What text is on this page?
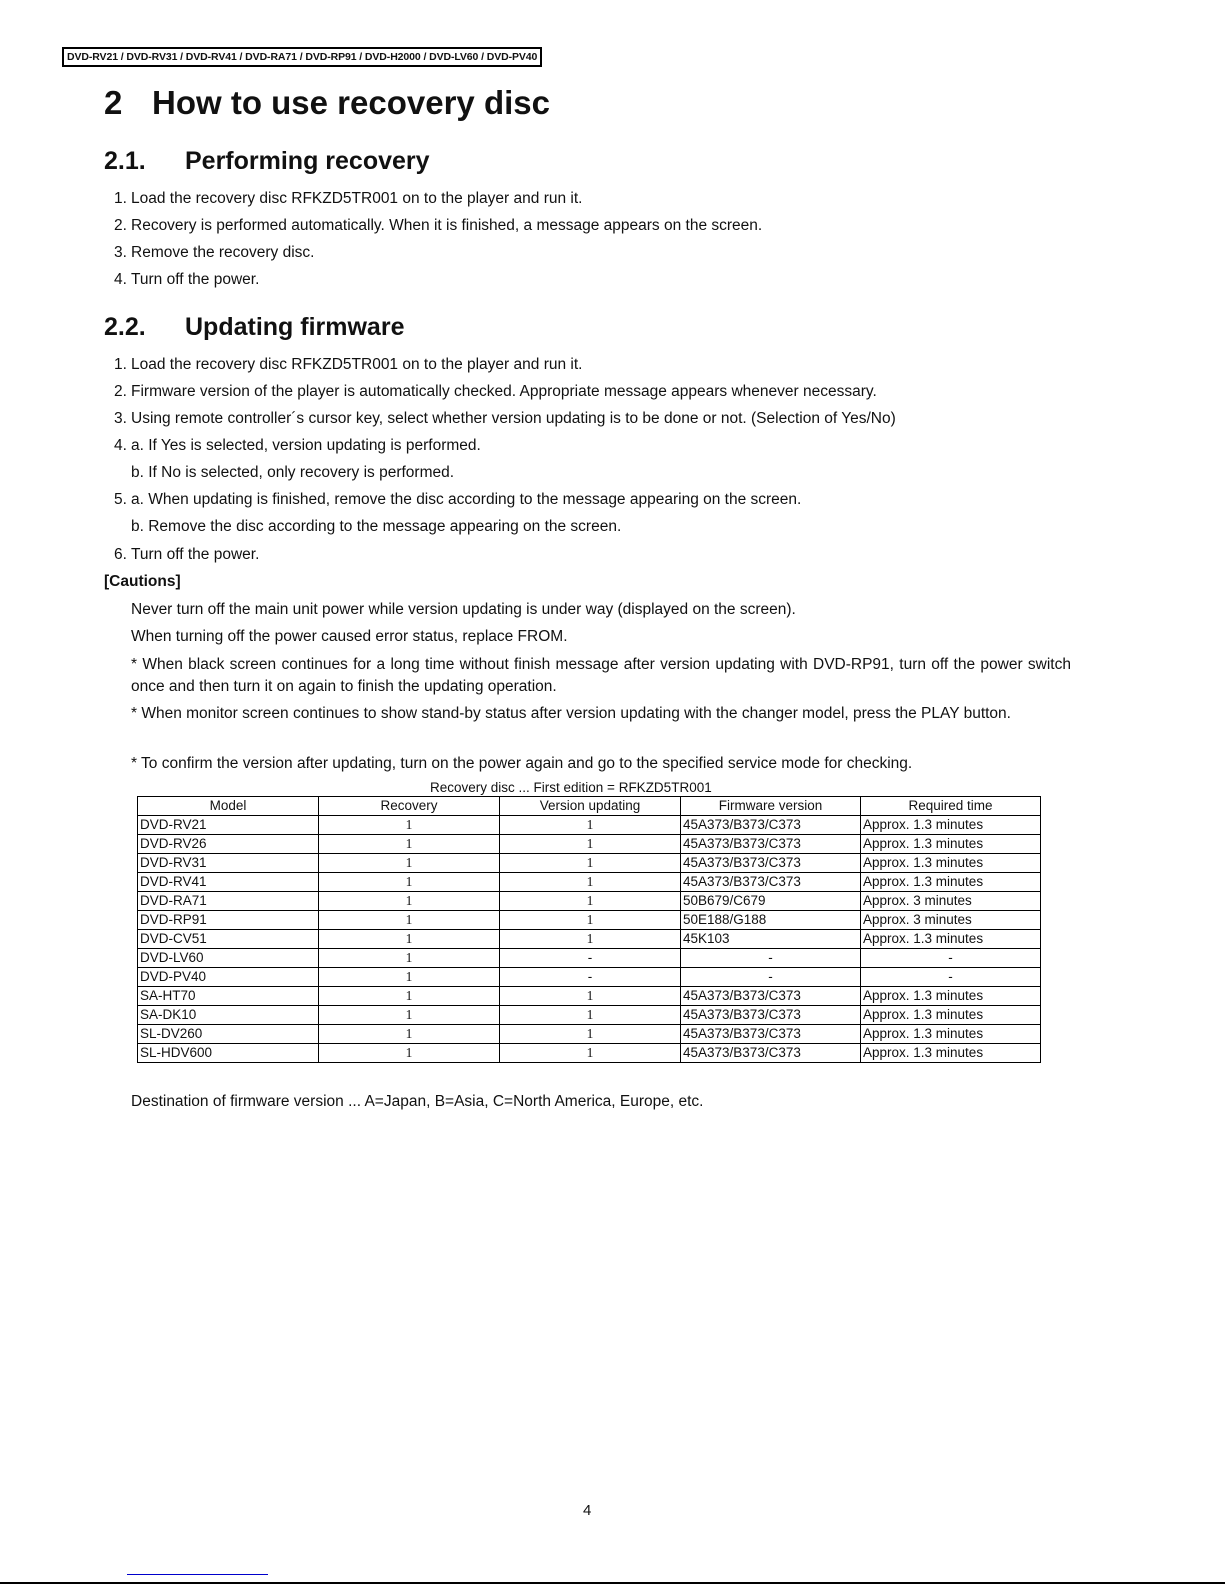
DVD-RV21 / DVD-RV31 / DVD-RV41 / DVD-RA71 / DVD-RP91 / DVD-H2000 / DVD-LV60 / DVD-PV40
2 How to use recovery disc
2.1. Performing recovery
1. Load the recovery disc RFKZD5TR001 on to the player and run it.
2. Recovery is performed automatically. When it is finished, a message appears on the screen.
3. Remove the recovery disc.
4. Turn off the power.
2.2. Updating firmware
1. Load the recovery disc RFKZD5TR001 on to the player and run it.
2. Firmware version of the player is automatically checked. Appropriate message appears whenever necessary.
3. Using remote controller´s cursor key, select whether version updating is to be done or not. (Selection of Yes/No)
4. a. If Yes is selected, version updating is performed.
b. If No is selected, only recovery is performed.
5. a. When updating is finished, remove the disc according to the message appearing on the screen.
b. Remove the disc according to the message appearing on the screen.
6. Turn off the power.
[Cautions]
Never turn off the main unit power while version updating is under way (displayed on the screen).
When turning off the power caused error status, replace FROM.
* When black screen continues for a long time without finish message after version updating with DVD-RP91, turn off the power switch once and then turn it on again to finish the updating operation.
* When monitor screen continues to show stand-by status after version updating with the changer model, press the PLAY button.
* To confirm the version after updating, turn on the power again and go to the specified service mode for checking.
Recovery disc ... First edition = RFKZD5TR001
Model	Recovery	Version updating	Firmware version	Required time
DVD-RV21	1	1	45A373/B373/C373	Approx. 1.3 minutes
DVD-RV26	1	1	45A373/B373/C373	Approx. 1.3 minutes
DVD-RV31	1	1	45A373/B373/C373	Approx. 1.3 minutes
DVD-RV41	1	1	45A373/B373/C373	Approx. 1.3 minutes
DVD-RA71	1	1	50B679/C679	Approx. 3 minutes
DVD-RP91	1	1	50E188/G188	Approx. 3 minutes
DVD-CV51	1	1	45K103	Approx. 1.3 minutes
DVD-LV60	1	-	-	-
DVD-PV40	1	-	-	-
SA-HT70	1	1	45A373/B373/C373	Approx. 1.3 minutes
SA-DK10	1	1	45A373/B373/C373	Approx. 1.3 minutes
SL-DV260	1	1	45A373/B373/C373	Approx. 1.3 minutes
SL-HDV600	1	1	45A373/B373/C373	Approx. 1.3 minutes
Destination of firmware version ... A=Japan, B=Asia, C=North America, Europe, etc.
4
